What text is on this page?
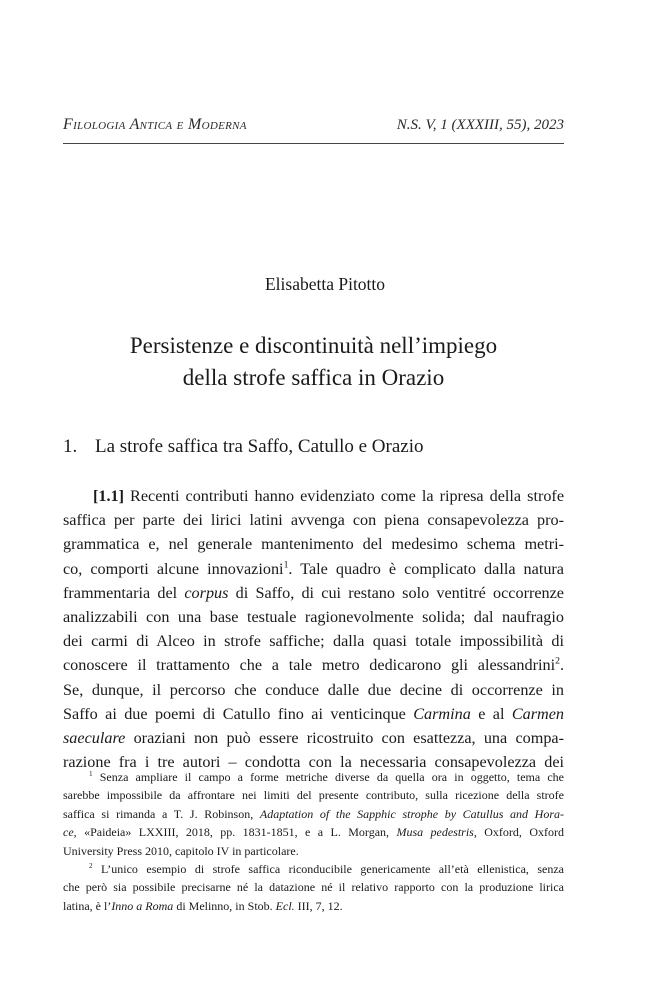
Filologia Antica e Moderna	N.S. V, 1 (XXXIII, 55), 2023
Elisabetta Pitotto
Persistenze e discontinuità nell’impiego
della strofe saffica in Orazio
1. La strofe saffica tra Saffo, Catullo e Orazio
[1.1] Recenti contributi hanno evidenziato come la ripresa della strofe
saffica per parte dei lirici latini avvenga con piena consapevolezza pro-
grammatica e, nel generale mantenimento del medesimo schema metri-
co, comporti alcune innovazioni$^1$. Tale quadro è complicato dalla natura
frammentaria del corpus di Saffo, di cui restano solo ventitré occorrenze
analizzabili con una base testuale ragionevolmente solida; dal naufragio
dei carmi di Alceo in strofe saffiche; dalla quasi totale impossibilità di
conoscere il trattamento che a tale metro dedicarono gli alessandrini$^2$.
Se, dunque, il percorso che conduce dalle due decine di occorrenze in
Saffo ai due poemi di Catullo fino ai venticinque Carmina e al Carmen
saeculare oraziani non può essere ricostruito con esattezza, una compa-
razione fra i tre autori – condotta con la necessaria consapevolezza dei
$^1$ Senza ampliare il campo a forme metriche diverse da quella ora in oggetto, tema che
sarebbe impossibile da affrontare nei limiti del presente contributo, sulla ricezione della strofe
saffica si rimanda a T. J. Robinson, Adaptation of the Sapphic strophe by Catullus and Hora-
ce, «Paideia» LXXIII, 2018, pp. 1831-1851, e a L. Morgan, Musa pedestris, Oxford, Oxford
University Press 2010, capitolo IV in particolare.
$^2$ L’unico esempio di strofe saffica riconducibile genericamente all’età ellenistica, senza
che però sia possibile precisarne né la datazione né il relativo rapporto con la produzione lirica
latina, è l’Inno a Roma di Melinno, in Stob. Ecl. III, 7, 12.
